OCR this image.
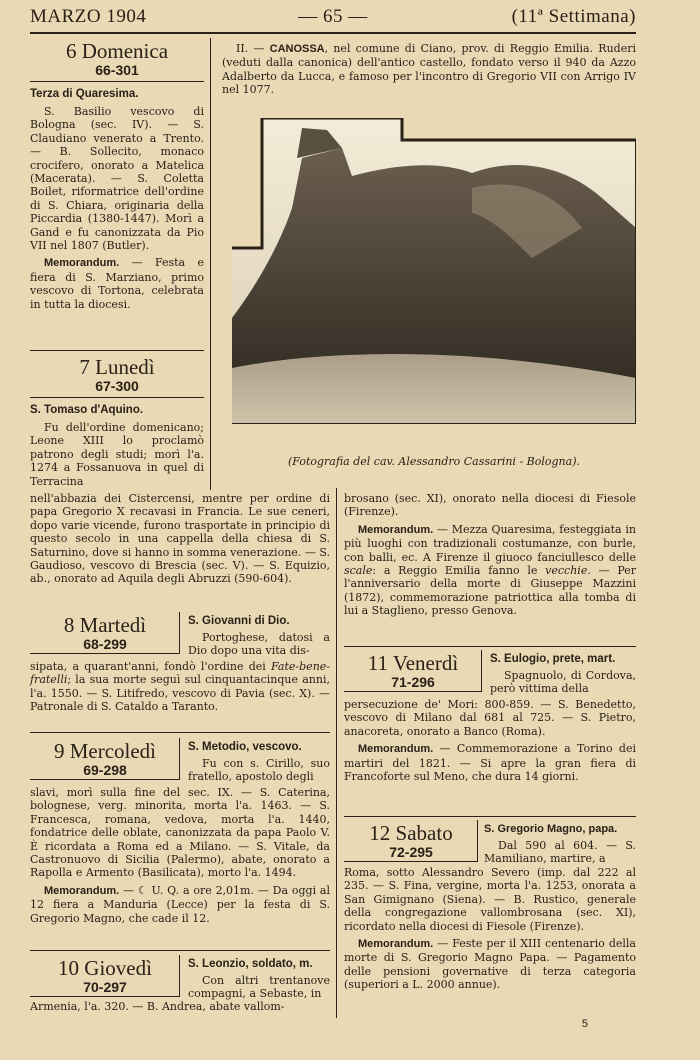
MARZO 1904	— 65 —	(11ª Settimana)
6 Domenica
66-301
Terza di Quaresima.

S. Basilio vescovo di Bologna (sec. IV). — S. Claudiano venerato a Trento. — B. Sollecito, monaco crocifero, onorato a Matelica (Macerata). — S. Coletta Boilet, riformatrice dell'ordine di S. Chiara, originaria della Piccardia (1380-1447). Morì a Gand e fu canonizzata da Pio VII nel 1807 (Butler).

Memorandum. — Festa e fiera di S. Marziano, primo vescovo di Tortona, celebrata in tutta la diocesi.

7 Lunedì
67-300
S. Tomaso d'Aquino.

Fu dell'ordine domenicano; Leone XIII lo proclamò patrono degli studi; morì l'a. 1274 a Fossanuova in quel di Terracina

nell'abbazia dei Cistercensi, mentre per ordine di papa Gregorio X recavasi in Francia. Le sue ceneri, dopo varie vicende, furono trasportate in principio di questo secolo in una cappella della chiesa di S. Saturnino, dove si hanno in somma venerazione. — S. Gaudioso, vescovo di Brescia (sec. V). — S. Equizio, ab., onorato ad Aquila degli Abruzzi (590-604).

8 Martedì
68-299
S. Giovanni di Dio.

Portoghese, datosi a Dio dopo una vita dis-

sipata, a quarant'anni, fondò l'ordine dei Fate-bene-fratelli; la sua morte seguì sul cinquantacinque anni, l'a. 1550. — S. Litifredo, vescovo di Pavia (sec. X). — Patronale di S. Cataldo a Taranto.

9 Mercoledì
69-298
S. Metodio, vescovo.

Fu con s. Cirillo, suo fratello, apostolo degli

slavi, morì sulla fine del sec. IX. — S. Caterina, bolognese, verg. minorita, morta l'a. 1463. — S. Francesca, romana, vedova, morta l'a. 1440, fondatrice delle oblate, canonizzata da papa Paolo V. È ricordata a Roma ed a Milano. — S. Vitale, da Castronuovo di Sicilia (Palermo), abate, onorato a Rapolla e Armento (Basilicata), morto l'a. 1494.

Memorandum. — ☾ U. Q. a ore 2,01m. — Da oggi al 12 fiera a Manduria (Lecce) per la festa di S. Gregorio Magno, che cade il 12.

10 Giovedì
70-297
S. Leonzio, soldato, m.

Con altri trentanove compagni, a Sebaste, in

Armenia, l'a. 320. — B. Andrea, abate vallom-

II. — CANOSSA, nel comune di Ciano, prov. di Reggio Emilia. Ruderi (veduti dalla canonica) dell'antico castello, fondato verso il 940 da Azzo Adalberto da Lucca, e famoso per l'incontro di Gregorio VII con Arrigo IV nel 1077.

(Fotografia del cav. Alessandro Cassarini - Bologna).

brosano (sec. XI), onorato nella diocesi di Fiesole (Firenze).

Memorandum. — Mezza Quaresima, festeggiata in più luoghi con tradizionali costumanze, con burle, con balli, ec. A Firenze il giuoco fanciullesco delle scale: a Reggio Emilia fanno le vecchie. — Per l'anniversario della morte di Giuseppe Mazzini (1872), commemorazione patriottica alla tomba di lui a Staglieno, presso Genova.

11 Venerdì
71-296
S. Eulogio, prete, mart.

Spagnuolo, di Cordova, però vittima della

persecuzione de' Mori: 800-859. — S. Benedetto, vescovo di Milano dal 681 al 725. — S. Pietro, anacoreta, onorato a Banco (Roma).

Memorandum. — Commemorazione a Torino dei martiri del 1821. — Si apre la gran fiera di Francoforte sul Meno, che dura 14 giorni.

12 Sabato
72-295
S. Gregorio Magno, papa.

Dal 590 al 604. — S. Mamiliano, martire, a

Roma, sotto Alessandro Severo (imp. dal 222 al 235. — S. Fina, vergine, morta l'a. 1253, onorata a San Gimignano (Siena). — B. Rustico, generale della congregazione vallombrosana (sec. XI), ricordato nella diocesi di Fiesole (Firenze).

Memorandum. — Feste per il XIII centenario della morte di S. Gregorio Magno Papa. — Pagamento delle pensioni governative di terza categoria (superiori a L. 2000 annue).

5
